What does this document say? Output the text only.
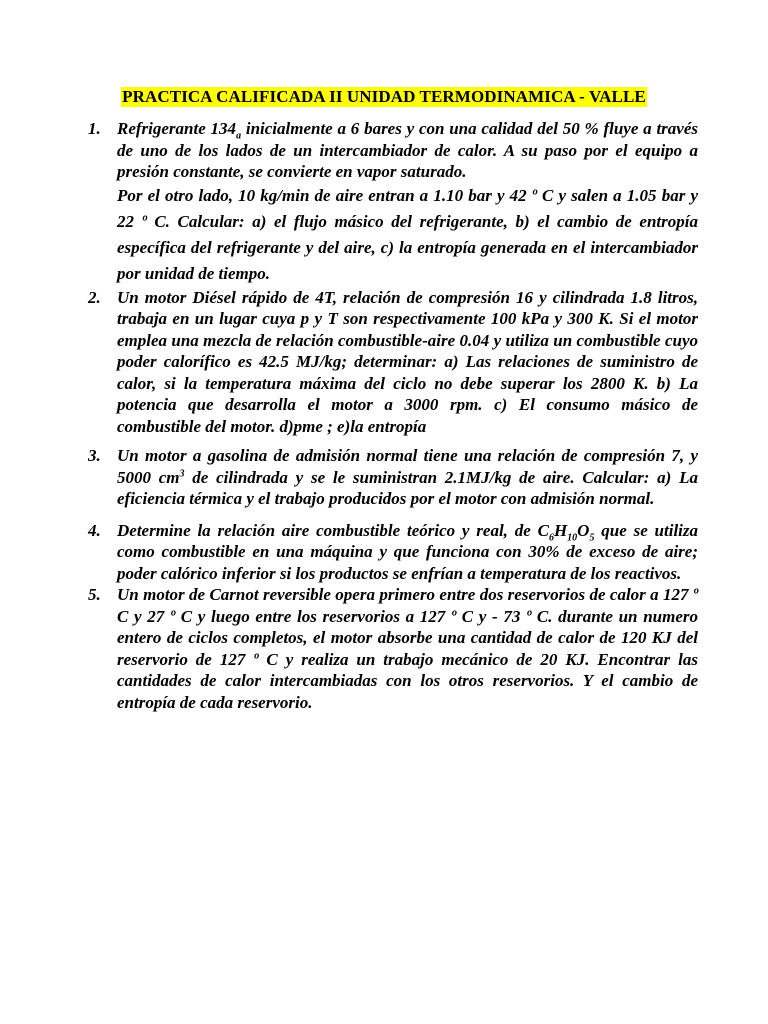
PRACTICA CALIFICADA II UNIDAD TERMODINAMICA - VALLE
1. Refrigerante $134_a$ inicialmente a 6 bares y con una calidad del 50 % fluye a través de uno de los lados de un intercambiador de calor. A su paso por el equipo a presión constante, se convierte en vapor saturado.

Por el otro lado, 10 kg/min de aire entran a 1.10 bar y 42 º C y salen a 1.05 bar y 22 º C. Calcular: a) el flujo másico del refrigerante, b) el cambio de entropía específica del refrigerante y del aire, c) la entropía generada en el intercambiador por unidad de tiempo.

2. Un motor Diésel rápido de 4T, relación de compresión 16 y cilindrada 1.8 litros, trabaja en un lugar cuya p y T son respectivamente 100 kPa y 300 K. Si el motor emplea una mezcla de relación combustible-aire 0.04 y utiliza un combustible cuyo poder calorífico es 42.5 MJ/kg; determinar: a) Las relaciones de suministro de calor, si la temperatura máxima del ciclo no debe superar los 2800 K. b) La potencia que desarrolla el motor a 3000 rpm. c) El consumo másico de combustible del motor. d)pme ; e)la entropía

3. Un motor a gasolina de admisión normal tiene una relación de compresión 7, y 5000 $cm^3$ de cilindrada y se le suministran 2.1MJ/kg de aire. Calcular: a) La eficiencia térmica y el trabajo producidos por el motor con admisión normal.

4. Determine la relación aire combustible teórico y real, de $C_6H_{10}O_5$ que se utiliza como combustible en una máquina y que funciona con 30% de exceso de aire; poder calórico inferior si los productos se enfrían a temperatura de los reactivos.

5. Un motor de Carnot reversible opera primero entre dos reservorios de calor a 127 º C y 27 º C y luego entre los reservorios a 127 º C y - 73 º C. durante un numero entero de ciclos completos, el motor absorbe una cantidad de calor de 120 KJ del reservorio de 127 º C y realiza un trabajo mecánico de 20 KJ. Encontrar las cantidades de calor intercambiadas con los otros reservorios. Y el cambio de entropía de cada reservorio.
